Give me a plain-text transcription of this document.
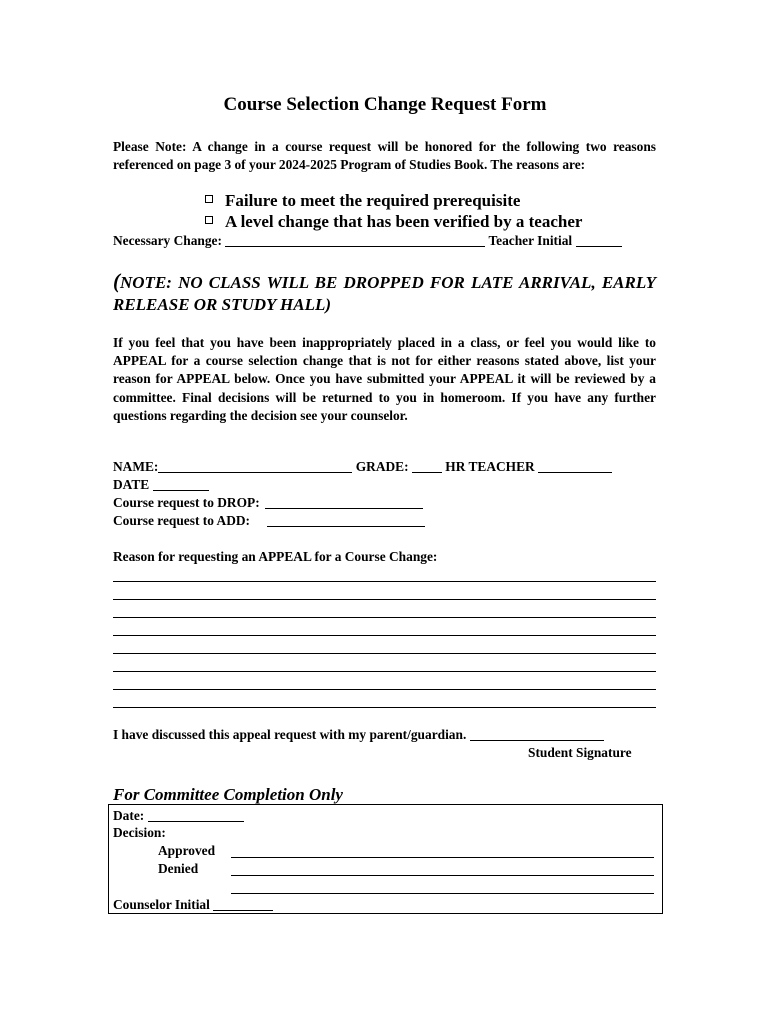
Course Selection Change Request Form
Please Note: A change in a course request will be honored for the following two reasons referenced on page 3 of your 2024-2025 Program of Studies Book. The reasons are:
Failure to meet the required prerequisite
A level change that has been verified by a teacher
Necessary Change:	Teacher Initial
(NOTE: NO CLASS WILL BE DROPPED FOR LATE ARRIVAL, EARLY RELEASE OR STUDY HALL)
If you feel that you have been inappropriately placed in a class, or feel you would like to APPEAL for a course selection change that is not for either reasons stated above, list your reason for APPEAL below. Once you have submitted your APPEAL it will be reviewed by a committee. Final decisions will be returned to you in homeroom. If you have any further questions regarding the decision see your counselor.
NAME:	GRADE:	HR TEACHER
DATE
Course request to DROP:
Course request to ADD:
Reason for requesting an APPEAL for a Course Change:
I have discussed this appeal request with my parent/guardian.
Student Signature
For Committee Completion Only
Date:
Decision:
Approved
Denied
Counselor Initial
